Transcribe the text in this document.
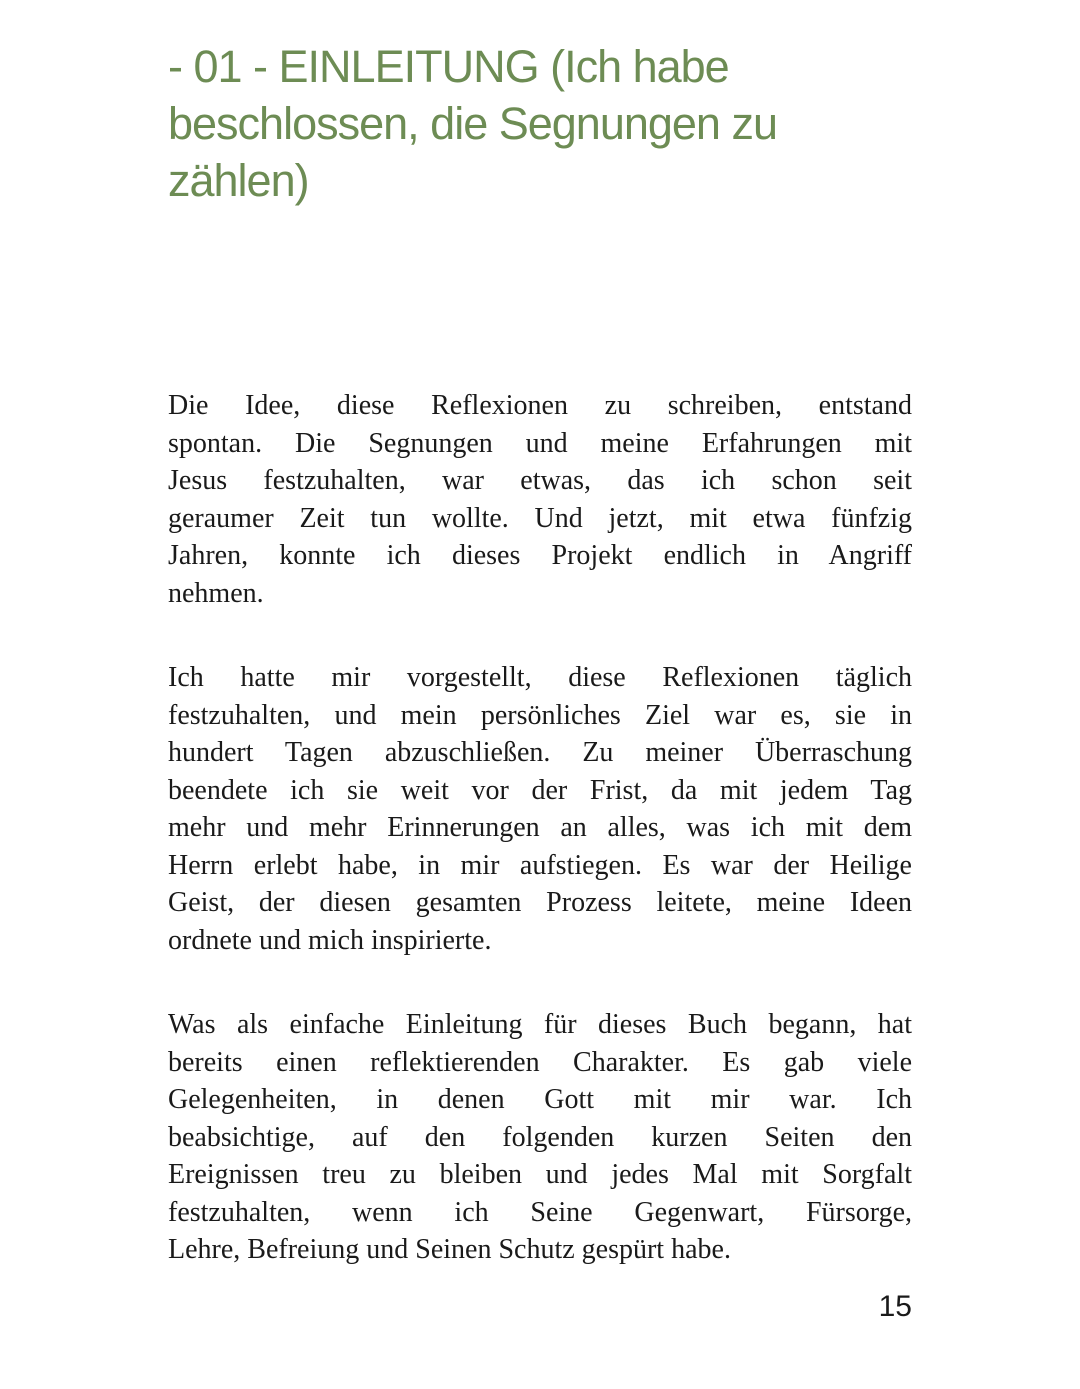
- 01 - EINLEITUNG (Ich habe
beschlossen, die Segnungen zu
zählen)
Die Idee, diese Reflexionen zu schreiben, entstand
spontan. Die Segnungen und meine Erfahrungen mit
Jesus festzuhalten, war etwas, das ich schon seit
geraumer Zeit tun wollte. Und jetzt, mit etwa fünfzig
Jahren, konnte ich dieses Projekt endlich in Angriff
nehmen.
Ich hatte mir vorgestellt, diese Reflexionen täglich
festzuhalten, und mein persönliches Ziel war es, sie in
hundert Tagen abzuschließen. Zu meiner Überraschung
beendete ich sie weit vor der Frist, da mit jedem Tag
mehr und mehr Erinnerungen an alles, was ich mit dem
Herrn erlebt habe, in mir aufstiegen. Es war der Heilige
Geist, der diesen gesamten Prozess leitete, meine Ideen
ordnete und mich inspirierte.
Was als einfache Einleitung für dieses Buch begann, hat
bereits einen reflektierenden Charakter. Es gab viele
Gelegenheiten, in denen Gott mit mir war. Ich
beabsichtige, auf den folgenden kurzen Seiten den
Ereignissen treu zu bleiben und jedes Mal mit Sorgfalt
festzuhalten, wenn ich Seine Gegenwart, Fürsorge,
Lehre, Befreiung und Seinen Schutz gespürt habe.
15
